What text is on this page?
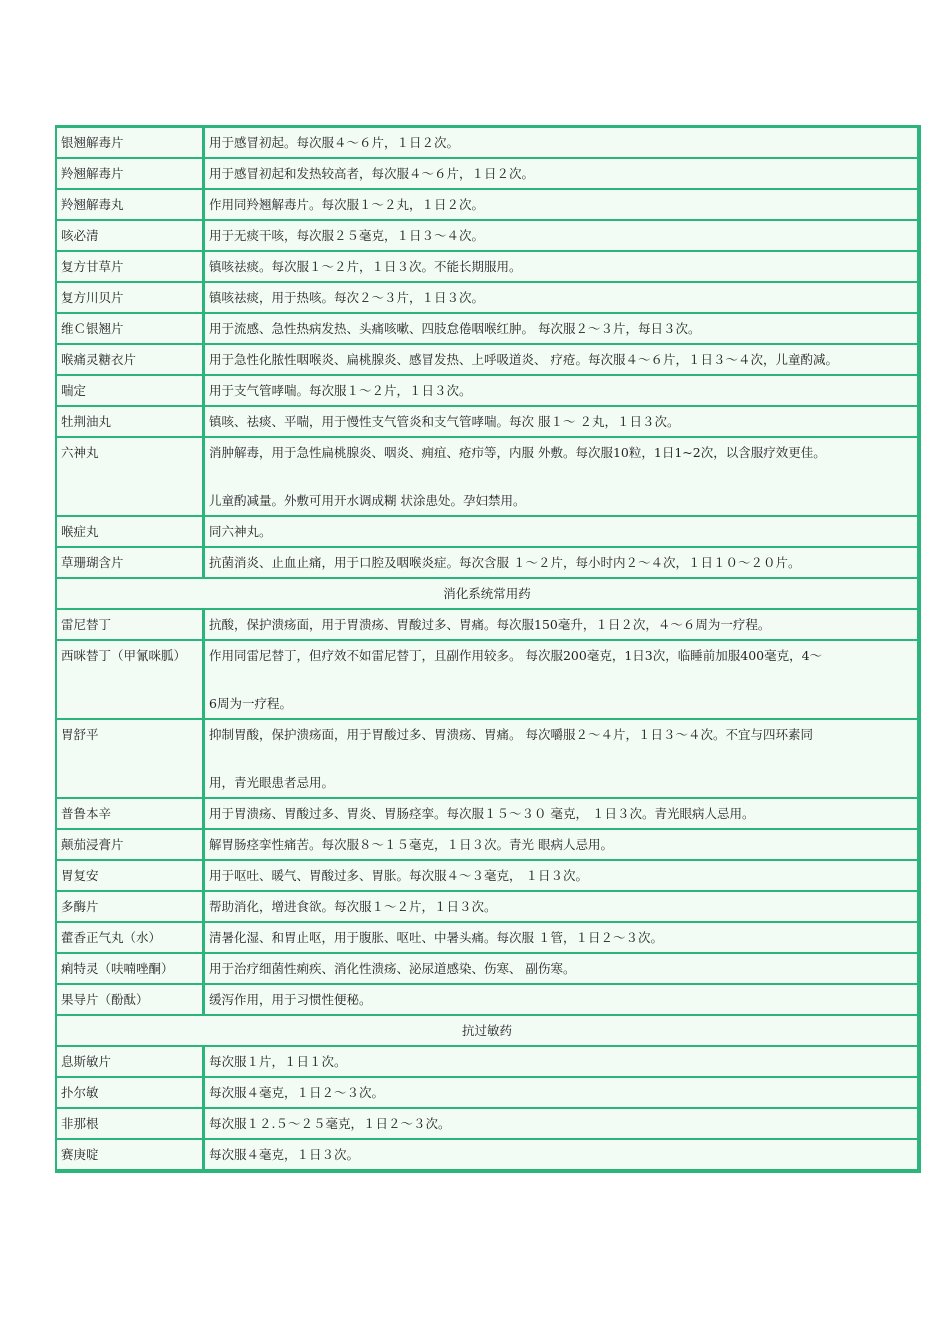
银翘解毒片	用于感冒初起。每次服４～６片，１日２次。

羚翘解毒片	用于感冒初起和发热较高者，每次服４～６片，１日２次。

羚翘解毒丸	作用同羚翘解毒片。每次服１～２丸，１日２次。

咳必清	用于无痰干咳，每次服２５毫克，１日３～４次。

复方甘草片	镇咳祛痰。每次服１～２片，１日３次。不能长期服用。

复方川贝片	镇咳祛痰，用于热咳。每次２～３片，１日３次。

维Ｃ银翘片	用于流感、急性热病发热、头痛咳嗽、四肢怠倦咽喉红肿。 每次服２～３片，每日３次。

喉痛灵糖衣片	用于急性化脓性咽喉炎、扁桃腺炎、感冒发热、上呼吸道炎、 疗疮。每次服４～６片，１日３～４次，儿童酌减。

喘定	用于支气管哮喘。每次服１～２片，１日３次。

牡荆油丸	镇咳、祛痰、平喘，用于慢性支气管炎和支气管哮喘。每次 服１～ ２丸，１日３次。

六神丸	消肿解毒，用于急性扁桃腺炎、咽炎、痈疽、疮疖等，内服 外敷。每次服10粒，1日1~2次，以含服疗效更佳。
儿童酌减量。外敷可用开水调成糊 状涂患处。孕妇禁用。

喉症丸	同六神丸。

草珊瑚含片	抗菌消炎、止血止痛，用于口腔及咽喉炎症。每次含服 １～２片，每小时内２～４次，１日１０～２０片。

消化系统常用药	
雷尼替丁	抗酸，保护溃疡面，用于胃溃疡、胃酸过多、胃痛。每次服150毫升，１日２次，４～６周为一疗程。

西咪替丁（甲氰咪胍）	作用同雷尼替丁，但疗效不如雷尼替丁，且副作用较多。 每次服200毫克，1日3次，临睡前加服400毫克，4～
6周为一疗程。

胃舒平	抑制胃酸，保护溃疡面，用于胃酸过多、胃溃疡、胃痛。 每次嚼服２～４片，１日３～４次。不宜与四环素同
用，青光眼患者忌用。

普鲁本辛	用于胃溃疡、胃酸过多、胃炎、胃肠痉挛。每次服１５～３０ 毫克， １日３次。青光眼病人忌用。

颠茄浸膏片	解胃肠痉挛性痛苦。每次服８～１５毫克，１日３次。青光 眼病人忌用。

胃复安	用于呕吐、暖气、胃酸过多、胃胀。每次服４～３毫克， １日３次。

多酶片	帮助消化，增进食欲。每次服１～２片，１日３次。

藿香正气丸（水）	清暑化湿、和胃止呕，用于腹胀、呕吐、中暑头痛。每次服 １管，１日２～３次。

痢特灵（呋喃唑酮）	用于治疗细菌性痢疾、消化性溃疡、泌尿道感染、伤寒、 副伤寒。

果导片（酚酞）	缓泻作用，用于习惯性便秘。

抗过敏药	
息斯敏片	每次服１片，１日１次。

扑尔敏	每次服４毫克，１日２～３次。

非那根	每次服１２.５～２５毫克，１日２～３次。

赛庚啶	每次服４毫克，１日３次。
